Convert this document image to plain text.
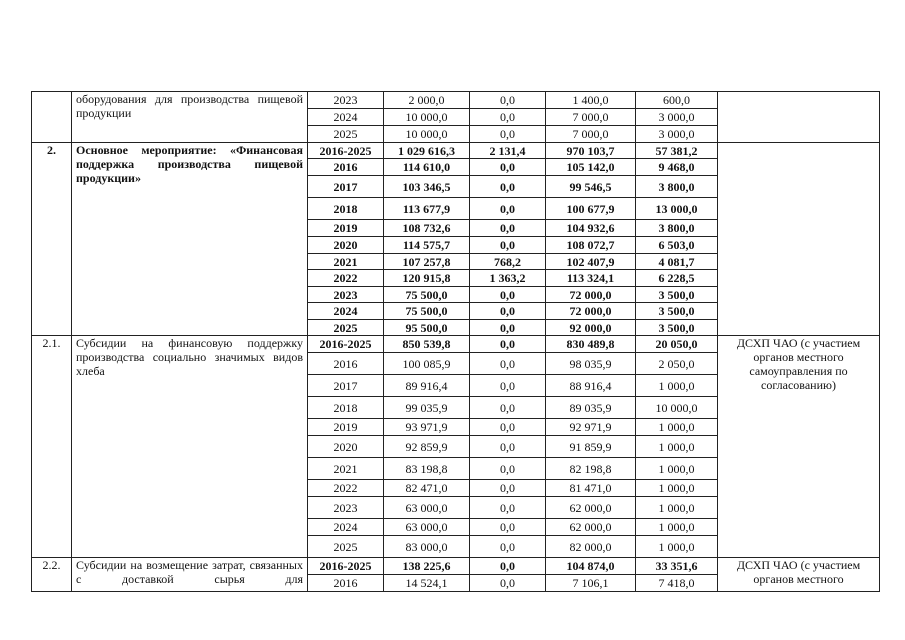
	оборудования для производства пищевой продукции	2023	2 000,0	0,0	1 400,0	600,0	
		2024	10 000,0	0,0	7 000,0	3 000,0	
		2025	10 000,0	0,0	7 000,0	3 000,0	
2.	Основное мероприятие: «Финансовая поддержка производства пищевой продукции»	2016-2025	1 029 616,3	2 131,4	970 103,7	57 381,2	
		2016	114 610,0	0,0	105 142,0	9 468,0	
		2017	103 346,5	0,0	99 546,5	3 800,0	
		2018	113 677,9	0,0	100 677,9	13 000,0	
		2019	108 732,6	0,0	104 932,6	3 800,0	
		2020	114 575,7	0,0	108 072,7	6 503,0	
		2021	107 257,8	768,2	102 407,9	4 081,7	
		2022	120 915,8	1 363,2	113 324,1	6 228,5	
		2023	75 500,0	0,0	72 000,0	3 500,0	
		2024	75 500,0	0,0	72 000,0	3 500,0	
		2025	95 500,0	0,0	92 000,0	3 500,0	
2.1.	Субсидии на финансовую поддержку производства социально значимых видов хлеба	2016-2025	850 539,8	0,0	830 489,8	20 050,0	ДСХП ЧАО (с участием органов местного самоуправления по согласованию)
		2016	100 085,9	0,0	98 035,9	2 050,0	
		2017	89 916,4	0,0	88 916,4	1 000,0	
		2018	99 035,9	0,0	89 035,9	10 000,0	
		2019	93 971,9	0,0	92 971,9	1 000,0	
		2020	92 859,9	0,0	91 859,9	1 000,0	
		2021	83 198,8	0,0	82 198,8	1 000,0	
		2022	82 471,0	0,0	81 471,0	1 000,0	
		2023	63 000,0	0,0	62 000,0	1 000,0	
		2024	63 000,0	0,0	62 000,0	1 000,0	
		2025	83 000,0	0,0	82 000,0	1 000,0	
2.2.	Субсидии на возмещение затрат, связанных с доставкой сырья для	2016-2025	138 225,6	0,0	104 874,0	33 351,6	ДСХП ЧАО (с участием органов местного
		2016	14 524,1	0,0	7 106,1	7 418,0	
